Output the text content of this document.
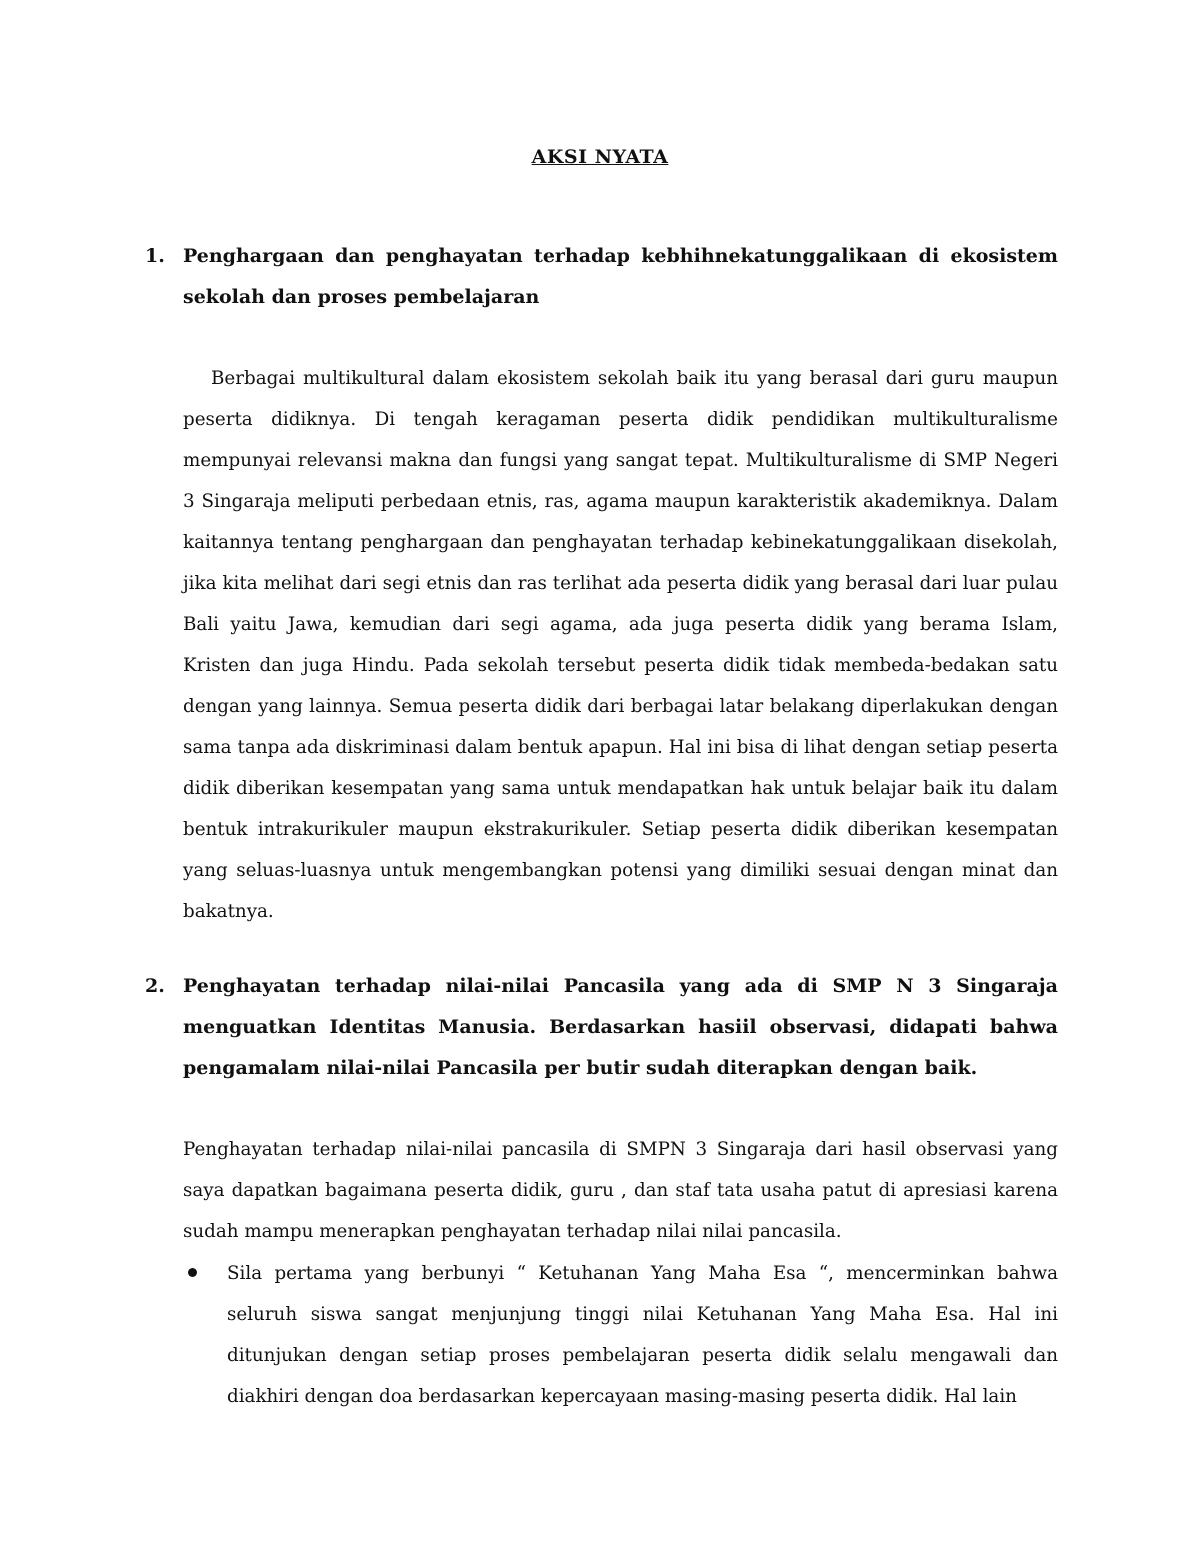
AKSI NYATA
1. Penghargaan dan penghayatan terhadap kebhihnekatunggalikaan di ekosistem sekolah dan proses pembelajaran
Berbagai multikultural dalam ekosistem sekolah baik itu yang berasal dari guru maupun peserta didiknya. Di tengah keragaman peserta didik pendidikan multikulturalisme mempunyai relevansi makna dan fungsi yang sangat tepat. Multikulturalisme di SMP Negeri 3 Singaraja meliputi perbedaan etnis, ras, agama maupun karakteristik akademiknya. Dalam kaitannya tentang penghargaan dan penghayatan terhadap kebinekatunggalikaan disekolah, jika kita melihat dari segi etnis dan ras terlihat ada peserta didik yang berasal dari luar pulau Bali yaitu Jawa, kemudian dari segi agama, ada juga peserta didik yang berama Islam, Kristen dan juga Hindu. Pada sekolah tersebut peserta didik tidak membeda-bedakan satu dengan yang lainnya. Semua peserta didik dari berbagai latar belakang diperlakukan dengan sama tanpa ada diskriminasi dalam bentuk apapun. Hal ini bisa di lihat dengan setiap peserta didik diberikan kesempatan yang sama untuk mendapatkan hak untuk belajar baik itu dalam bentuk intrakurikuler maupun ekstrakurikuler. Setiap peserta didik diberikan kesempatan yang seluas-luasnya untuk mengembangkan potensi yang dimiliki sesuai dengan minat dan bakatnya.
2. Penghayatan terhadap nilai-nilai Pancasila yang ada di SMP N 3 Singaraja menguatkan Identitas Manusia. Berdasarkan hasiil observasi, didapati bahwa pengamalam nilai-nilai Pancasila per butir sudah diterapkan dengan baik.
Penghayatan terhadap nilai-nilai pancasila di SMPN 3 Singaraja dari hasil observasi yang saya dapatkan bagaimana peserta didik, guru , dan staf tata usaha patut di apresiasi karena sudah mampu menerapkan penghayatan terhadap nilai nilai pancasila.
Sila pertama yang berbunyi “ Ketuhanan Yang Maha Esa “, mencerminkan bahwa seluruh siswa sangat menjunjung tinggi nilai Ketuhanan Yang Maha Esa. Hal ini ditunjukan dengan setiap proses pembelajaran peserta didik selalu mengawali dan diakhiri dengan doa berdasarkan kepercayaan masing-masing peserta didik. Hal lain
